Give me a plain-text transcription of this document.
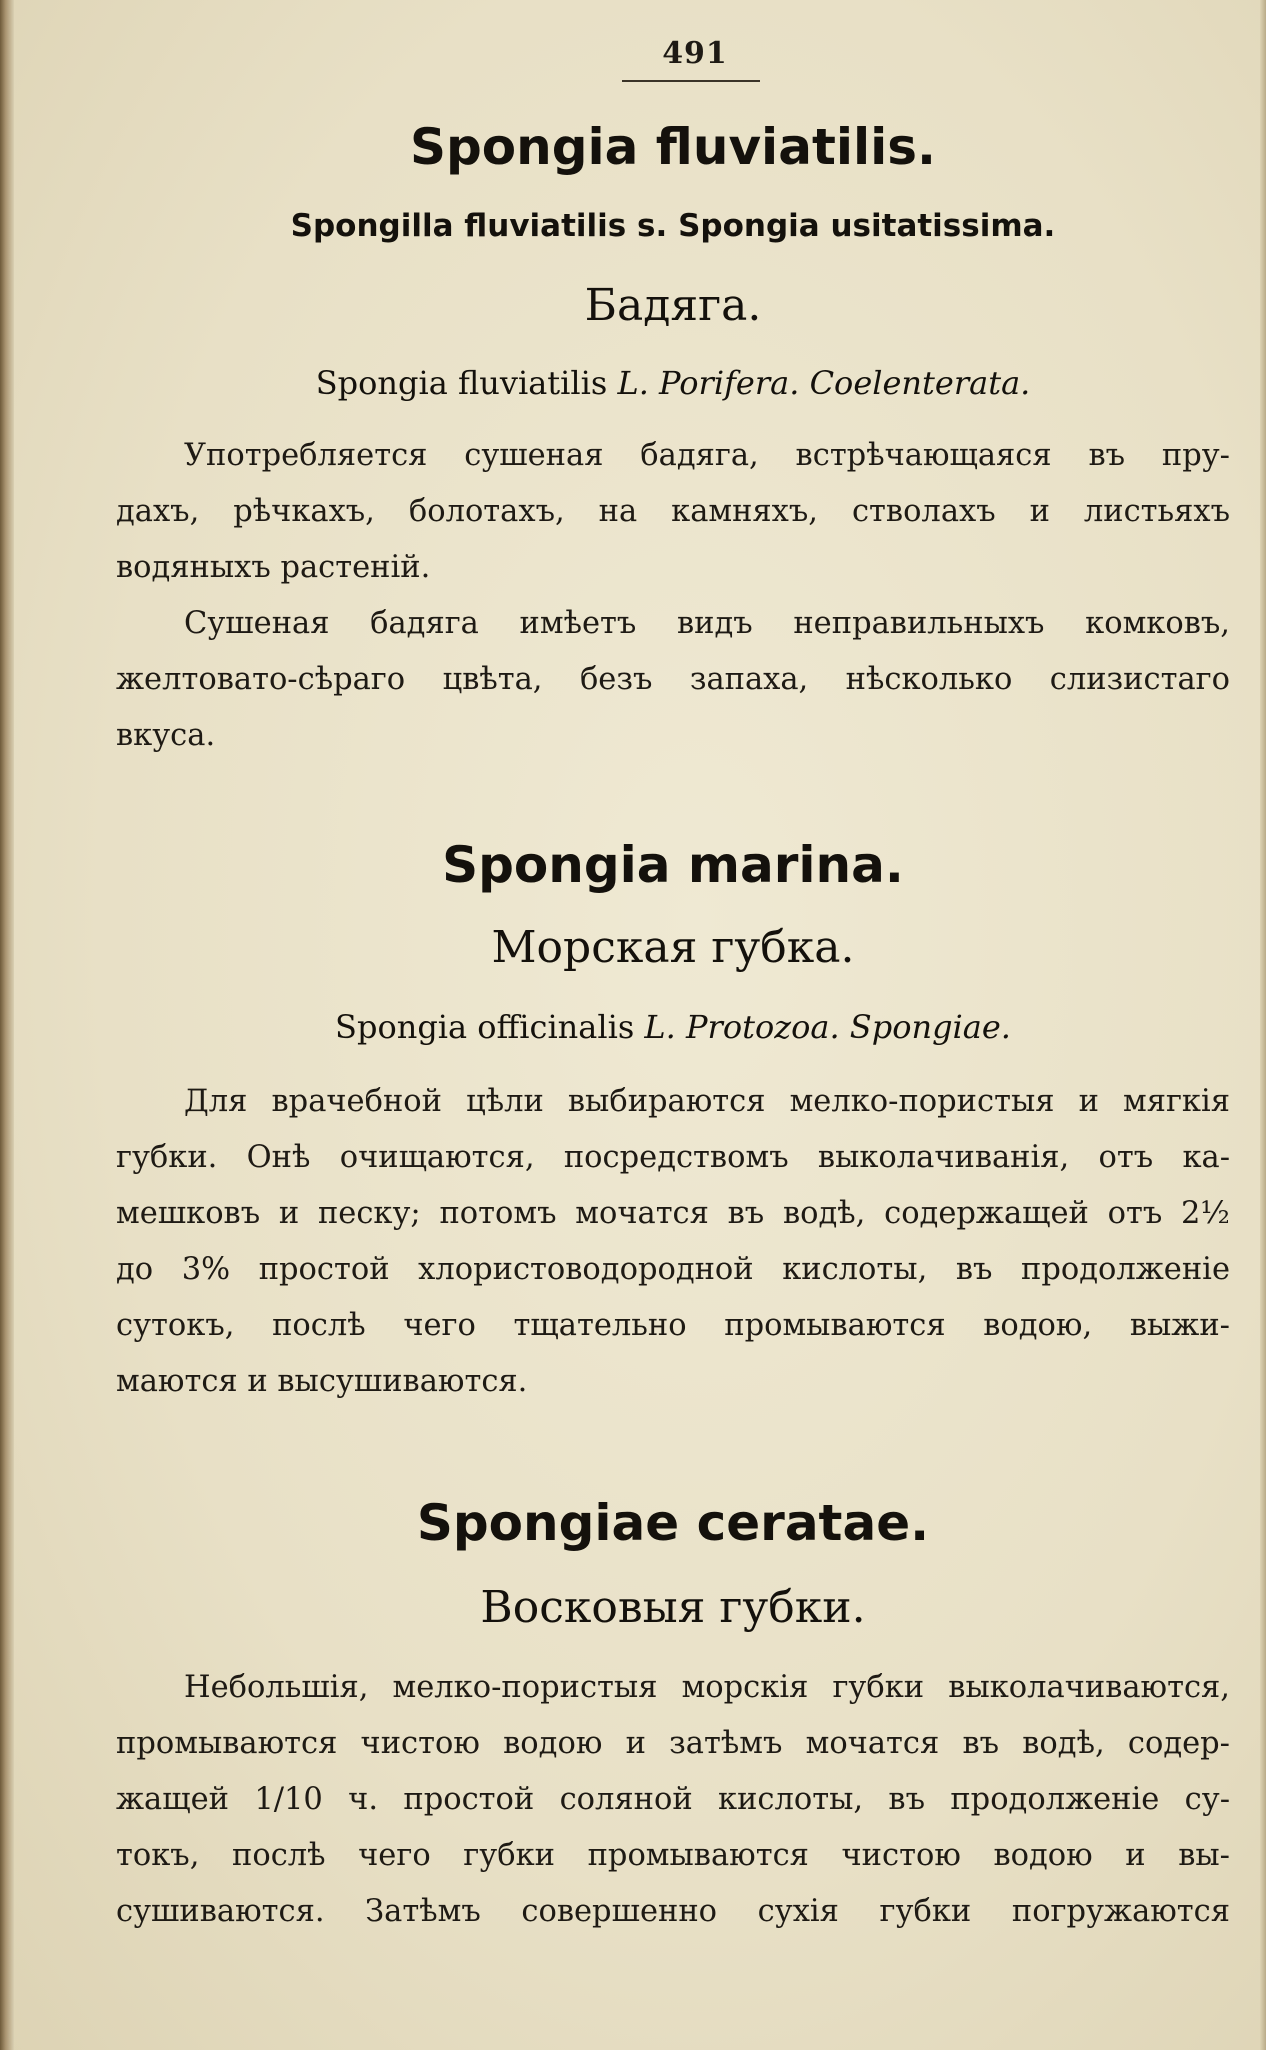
491
Spongia fluviatilis.
Spongilla fluviatilis s. Spongia usitatissima.
Бадяга.
Spongia fluviatilis L. Porifera. Coelenterata.
Употребляется сушеная бадяга, встрѣчающаяся въ пру-
дахъ, рѣчкахъ, болотахъ, на камняхъ, стволахъ и листьяхъ
водяныхъ растеній.
Сушеная бадяга имѣетъ видъ неправильныхъ комковъ,
желтовато-сѣраго цвѣта, безъ запаха, нѣсколько слизистаго
вкуса.
Spongia marina.
Морская губка.
Spongia officinalis L. Protozoa. Spongiae.
Для врачебной цѣли выбираются мелко-пористыя и мягкія
губки. Онѣ очищаются, посредствомъ выколачиванія, отъ ка-
мешковъ и песку; потомъ мочатся въ водѣ, содержащей отъ 2½
до 3% простой хлористоводородной кислоты, въ продолженіе
сутокъ, послѣ чего тщательно промываются водою, выжи-
маются и высушиваются.
Spongiae ceratae.
Восковыя губки.
Небольшія, мелко-пористыя морскія губки выколачиваются,
промываются чистою водою и затѣмъ мочатся въ водѣ, содер-
жащей 1/10 ч. простой соляной кислоты, въ продолженіе су-
токъ, послѣ чего губки промываются чистою водою и вы-
сушиваются. Затѣмъ совершенно сухія губки погружаются
